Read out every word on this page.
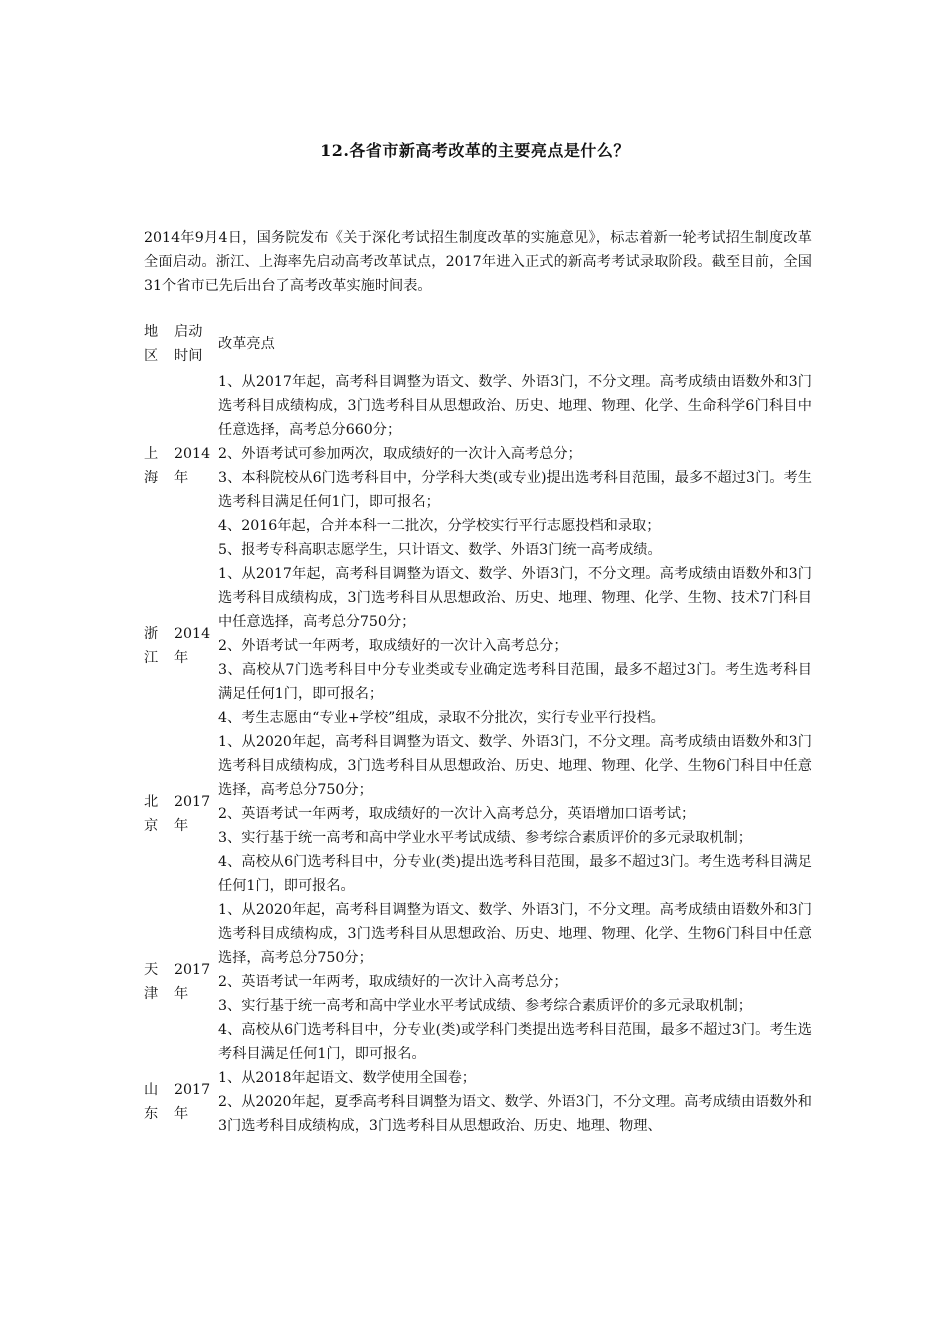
12.各省市新高考改革的主要亮点是什么？
2014年9月4日，国务院发布《关于深化考试招生制度改革的实施意见》，标志着新一轮考试招生制度改革全面启动。浙江、上海率先启动高考改革试点，2017年进入正式的新高考考试录取阶段。截至目前，全国31个省市已先后出台了高考改革实施时间表。
地区
启动时间
改革亮点
上海
2014年
1、从2017年起，高考科目调整为语文、数学、外语3门，不分文理。高考成绩由语数外和3门选考科目成绩构成，3门选考科目从思想政治、历史、地理、物理、化学、生命科学6门科目中任意选择，高考总分660分；
2、外语考试可参加两次，取成绩好的一次计入高考总分；
3、本科院校从6门选考科目中，分学科大类(或专业)提出选考科目范围，最多不超过3门。考生选考科目满足任何1门，即可报名；
4、2016年起，合并本科一二批次，分学校实行平行志愿投档和录取；
5、报考专科高职志愿学生，只计语文、数学、外语3门统一高考成绩。
浙江
2014年
1、从2017年起，高考科目调整为语文、数学、外语3门，不分文理。高考成绩由语数外和3门选考科目成绩构成，3门选考科目从思想政治、历史、地理、物理、化学、生物、技术7门科目中任意选择，高考总分750分；
2、外语考试一年两考，取成绩好的一次计入高考总分；
3、高校从7门选考科目中分专业类或专业确定选考科目范围，最多不超过3门。考生选考科目满足任何1门，即可报名；
4、考生志愿由“专业+学校”组成，录取不分批次，实行专业平行投档。
北京
2017年
1、从2020年起，高考科目调整为语文、数学、外语3门，不分文理。高考成绩由语数外和3门选考科目成绩构成，3门选考科目从思想政治、历史、地理、物理、化学、生物6门科目中任意选择，高考总分750分；
2、英语考试一年两考，取成绩好的一次计入高考总分，英语增加口语考试；
3、实行基于统一高考和高中学业水平考试成绩、参考综合素质评价的多元录取机制；
4、高校从6门选考科目中，分专业(类)提出选考科目范围，最多不超过3门。考生选考科目满足任何1门，即可报名。
天津
2017年
1、从2020年起，高考科目调整为语文、数学、外语3门，不分文理。高考成绩由语数外和3门选考科目成绩构成，3门选考科目从思想政治、历史、地理、物理、化学、生物6门科目中任意选择，高考总分750分；
2、英语考试一年两考，取成绩好的一次计入高考总分；
3、实行基于统一高考和高中学业水平考试成绩、参考综合素质评价的多元录取机制；
4、高校从6门选考科目中，分专业(类)或学科门类提出选考科目范围，最多不超过3门。考生选考科目满足任何1门，即可报名。
山东
2017年
1、从2018年起语文、数学使用全国卷；
2、从2020年起，夏季高考科目调整为语文、数学、外语3门，不分文理。高考成绩由语数外和3门选考科目成绩构成，3门选考科目从思想政治、历史、地理、物理、
